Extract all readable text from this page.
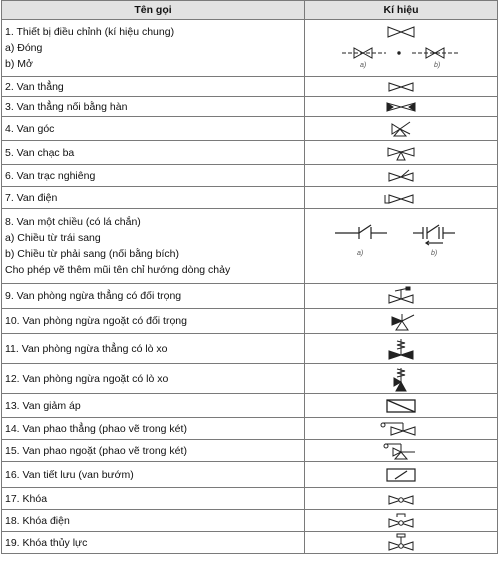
Tên gọi	Kí hiệu

1. Thiết bị điều chỉnh (kí hiệu chung)
a) Đóng
b) Mở	a) b)

2. Van thẳng	

3. Van thẳng nối bằng hàn	

4. Van góc	

5. Van chạc ba	

6. Van trạc nghiêng	

7. Van điện	

8. Van một chiều (có lá chắn)
a) Chiều từ trái sang
b) Chiều từ phải sang (nối bằng bích)
Cho phép vẽ thêm mũi tên chỉ hướng dòng chảy	a) b)

9. Van phòng ngừa thẳng có đối trọng	

10. Van phòng ngừa ngoặt có đối trọng	

11. Van phòng ngừa thẳng có lò xo	

12. Van phòng ngừa ngoặt có lò xo	

13. Van giảm áp	

14. Van phao thẳng (phao vẽ trong két)	

15. Van phao ngoặt (phao vẽ trong két)	

16. Van tiết lưu (van bướm)	

17. Khóa	

18. Khóa điện	

19. Khóa thủy lực	
